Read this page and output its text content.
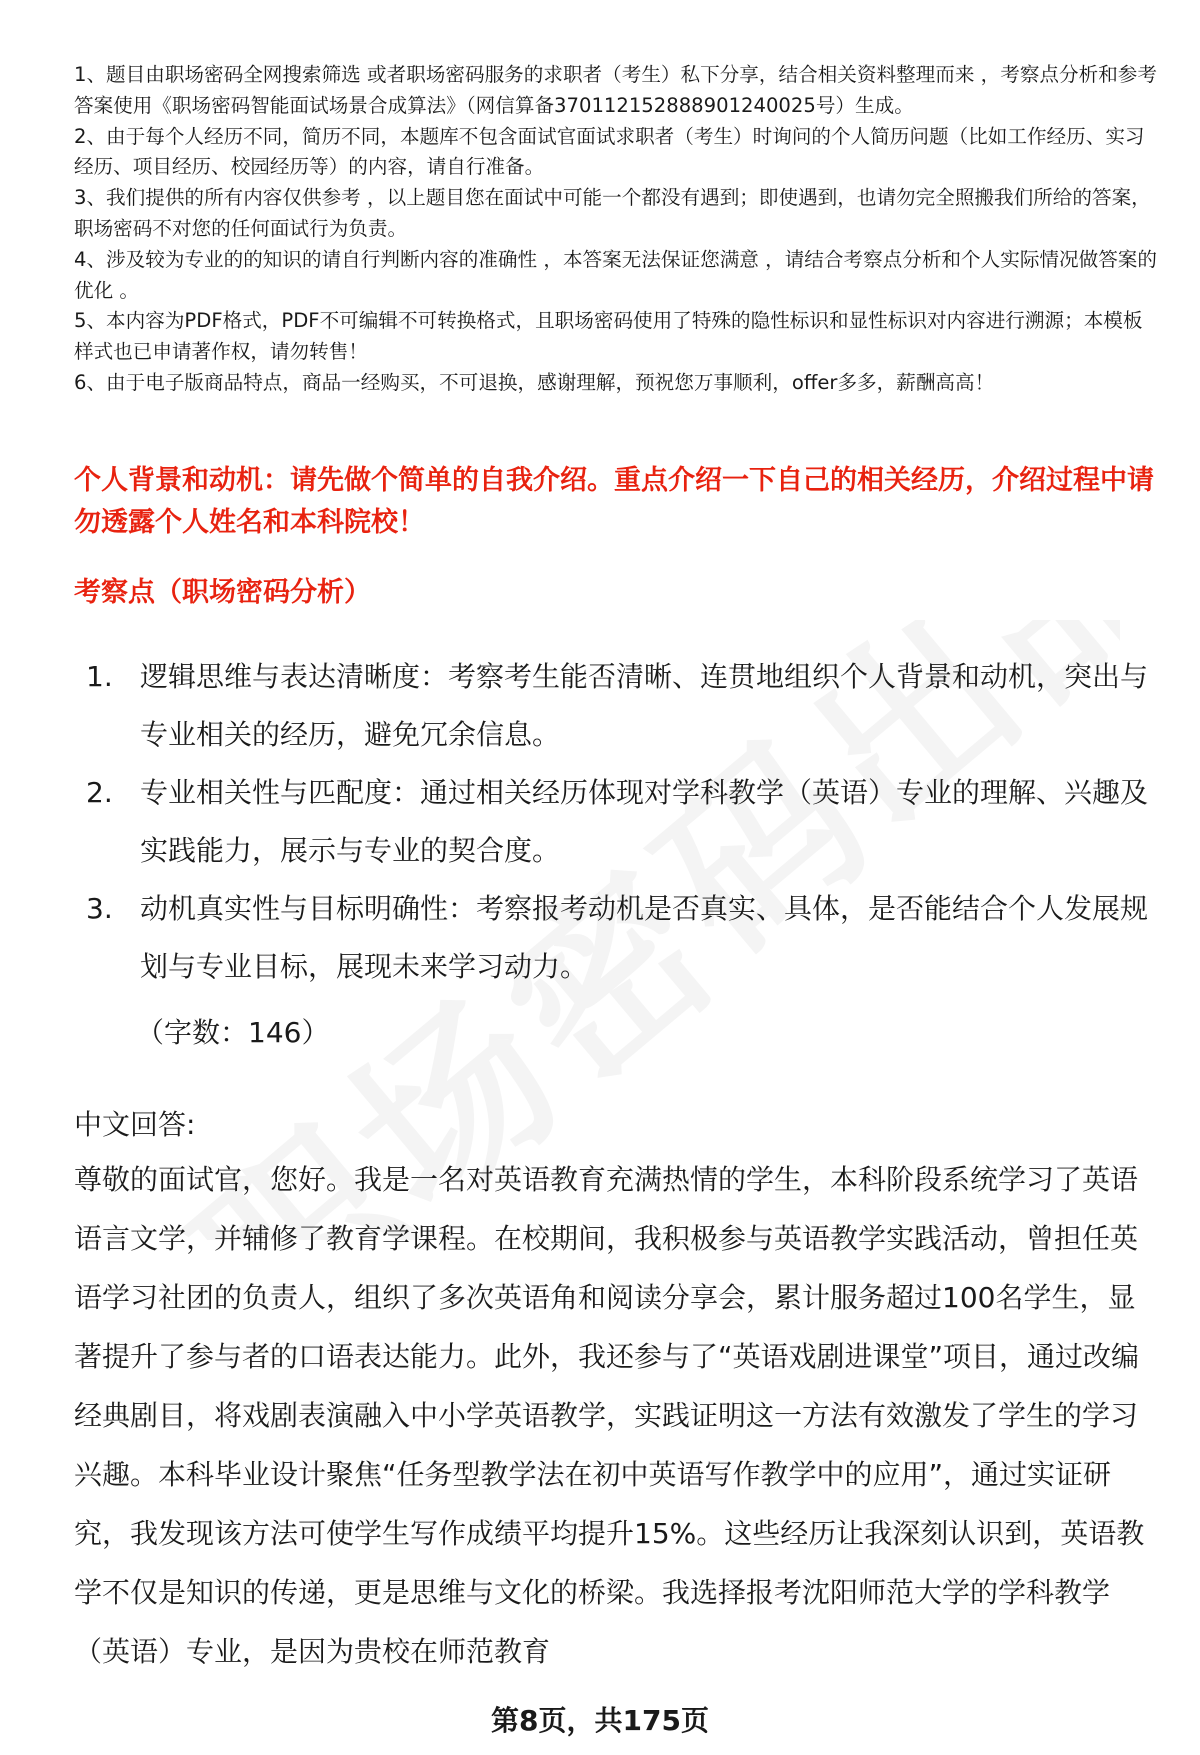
1、题目由职场密码全网搜索筛选 或者职场密码服务的求职者（考生）私下分享，结合相关资料整理而来 ，考察点分析和参考答案使用《职场密码智能面试场景合成算法》（网信算备370112152888901240025号）生成。
2、由于每个人经历不同，简历不同，本题库不包含面试官面试求职者（考生）时询问的个人简历问题（比如工作经历、实习经历、项目经历、校园经历等）的内容，请自行准备。
3、我们提供的所有内容仅供参考 ，以上题目您在面试中可能一个都没有遇到；即使遇到，也请勿完全照搬我们所给的答案，职场密码不对您的任何面试行为负责。
4、涉及较为专业的的知识的请自行判断内容的准确性 ，本答案无法保证您满意 ，请结合考察点分析和个人实际情况做答案的优化 。
5、本内容为PDF格式，PDF不可编辑不可转换格式，且职场密码使用了特殊的隐性标识和显性标识对内容进行溯源；本模板样式也已申请著作权，请勿转售！
6、由于电子版商品特点，商品一经购买，不可退换，感谢理解，预祝您万事顺利，offer多多，薪酬高高！
个人背景和动机：请先做个简单的自我介绍。重点介绍一下自己的相关经历，介绍过程中请勿透露个人姓名和本科院校！
考察点（职场密码分析）
1. 逻辑思维与表达清晰度：考察考生能否清晰、连贯地组织个人背景和动机，突出与专业相关的经历，避免冗余信息。
2. 专业相关性与匹配度：通过相关经历体现对学科教学（英语）专业的理解、兴趣及实践能力，展示与专业的契合度。
3. 动机真实性与目标明确性：考察报考动机是否真实、具体，是否能结合个人发展规划与专业目标，展现未来学习动力。
（字数：146）
中文回答:

尊敬的面试官，您好。我是一名对英语教育充满热情的学生，本科阶段系统学习了英语语言文学，并辅修了教育学课程。在校期间，我积极参与英语教学实践活动，曾担任英语学习社团的负责人，组织了多次英语角和阅读分享会，累计服务超过100名学生，显著提升了参与者的口语表达能力。此外，我还参与了“英语戏剧进课堂”项目，通过改编经典剧目，将戏剧表演融入中小学英语教学，实践证明这一方法有效激发了学生的学习兴趣。本科毕业设计聚焦“任务型教学法在初中英语写作教学中的应用”，通过实证研究，我发现该方法可使学生写作成绩平均提升15%。这些经历让我深刻认识到，英语教学不仅是知识的传递，更是思维与文化的桥梁。我选择报考沈阳师范大学的学科教学（英语）专业，是因为贵校在师范教育

第8页，共175页
